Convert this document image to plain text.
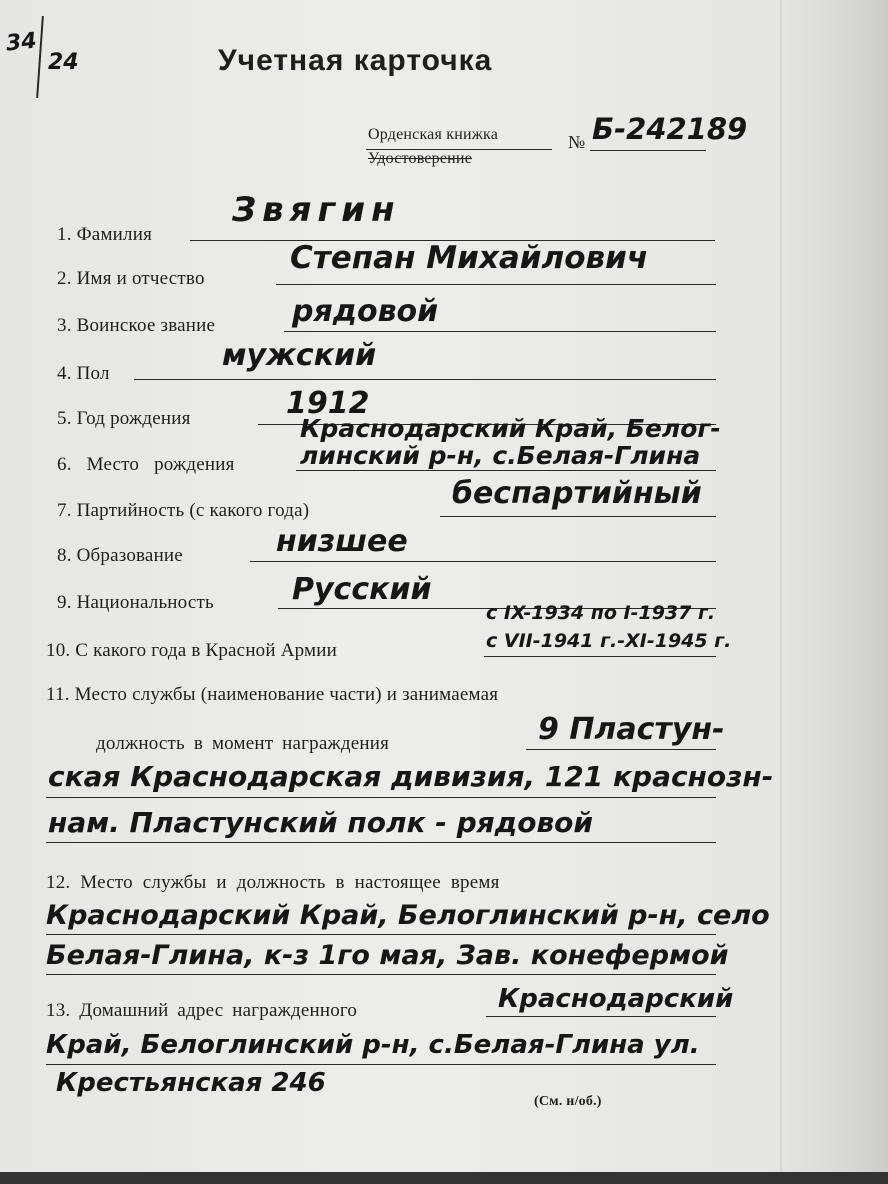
34
24	Учетная карточка
Орденская книжка
Удостоверение
№ Б-242189
1. Фамилия
Звягин
2. Имя и отчество
Степан Михайлович
3. Воинское звание	рядовой
4. Пол
мужский
5. Год рождения	1912
Краснодарский Край, Белог-
6. Место рождения	линский р-н, с.Белая-Глина
7. Партийность (с какого года)	беспартийный
8. Образование	низшее
9. Национальность	Русский
с IX-1934 по I-1937 г.
10. С какого года в Красной Армии	с VII-1941 г.-XI-1945 г.
11. Место службы (наименование части) и занимаемая
должность в момент награждения	9 Пластун-
ская Краснодарская дивизия, 121 краснозн-
нам. Пластунский полк - рядовой
12. Место службы и должность в настоящее время
Краснодарский Край, Белоглинский р-н, село
Белая-Глина, к-з 1го мая, Зав. конефермой
13. Домашний адрес награжденного	Краснодарский
Край, Белоглинский р-н, с.Белая-Глина ул.
Крестьянская 246
(См. н/об.)
